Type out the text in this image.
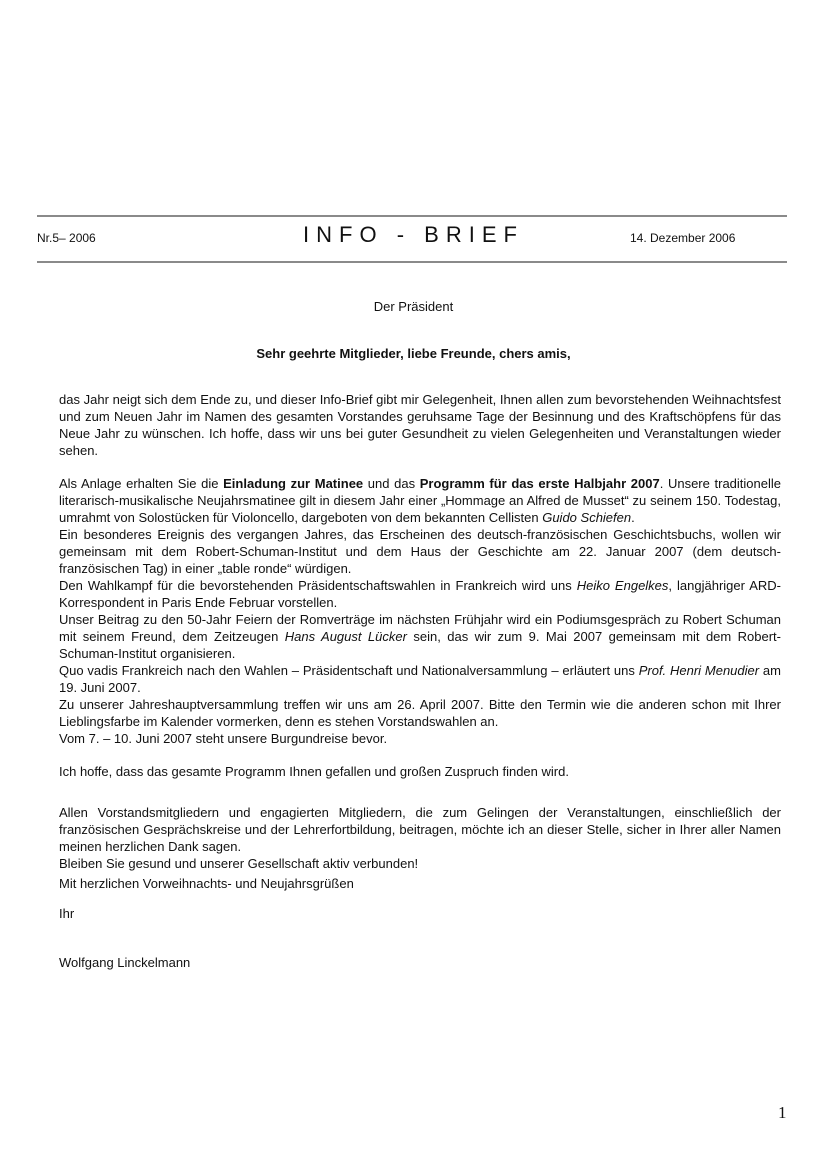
Nr.5– 2006	INFO - BRIEF	14. Dezember 2006
Der Präsident
Sehr geehrte Mitglieder, liebe Freunde, chers amis,

das Jahr neigt sich dem Ende zu, und dieser Info-Brief gibt mir Gelegenheit, Ihnen allen zum bevorstehenden Weihnachtsfest und zum Neuen Jahr im Namen des gesamten Vorstandes geruhsame Tage der Besinnung und des Kraftschöpfens für das Neue Jahr zu wünschen. Ich hoffe, dass wir uns bei guter Gesundheit zu vielen Gelegenheiten und Veranstaltungen wieder sehen.

Als Anlage erhalten Sie die Einladung zur Matinee und das Programm für das erste Halbjahr 2007. Unsere traditionelle literarisch-musikalische Neujahrsmatinee gilt in diesem Jahr einer „Hommage an Alfred de Musset“ zu seinem 150. Todestag, umrahmt von Solostücken für Violoncello, dargeboten von dem bekannten Cellisten Guido Schiefen.

Ein besonderes Ereignis des vergangen Jahres, das Erscheinen des deutsch-französischen Geschichtsbuchs, wollen wir gemeinsam mit dem Robert-Schuman-Institut und dem Haus der Geschichte am 22. Januar 2007 (dem deutsch-französischen Tag) in einer „table ronde“ würdigen.

Den Wahlkampf für die bevorstehenden Präsidentschaftswahlen in Frankreich wird uns Heiko Engelkes, langjähriger ARD-Korrespondent in Paris Ende Februar vorstellen.

Unser Beitrag zu den 50-Jahr Feiern der Romverträge im nächsten Frühjahr wird ein Podiumsgespräch zu Robert Schuman mit seinem Freund, dem Zeitzeugen Hans August Lücker sein, das wir zum 9. Mai 2007 gemeinsam mit dem Robert-Schuman-Institut organisieren.

Quo vadis Frankreich nach den Wahlen – Präsidentschaft und Nationalversammlung – erläutert uns Prof. Henri Menudier am 19. Juni 2007.

Zu unserer Jahreshauptversammlung treffen wir uns am 26. April 2007. Bitte den Termin wie die anderen schon mit Ihrer Lieblingsfarbe im Kalender vormerken, denn es stehen Vorstandswahlen an.

Vom 7. – 10. Juni 2007 steht unsere Burgundreise bevor.

Ich hoffe, dass das gesamte Programm Ihnen gefallen und großen Zuspruch finden wird.

Allen Vorstandsmitgliedern und engagierten Mitgliedern, die zum Gelingen der Veranstaltungen, einschließlich der französischen Gesprächskreise und der Lehrerfortbildung, beitragen, möchte ich an dieser Stelle, sicher in Ihrer aller Namen meinen herzlichen Dank sagen.

Bleiben Sie gesund und unserer Gesellschaft aktiv verbunden!

Mit herzlichen Vorweihnachts- und Neujahrsgrüßen
Ihr
Wolfgang Linckelmann
1
